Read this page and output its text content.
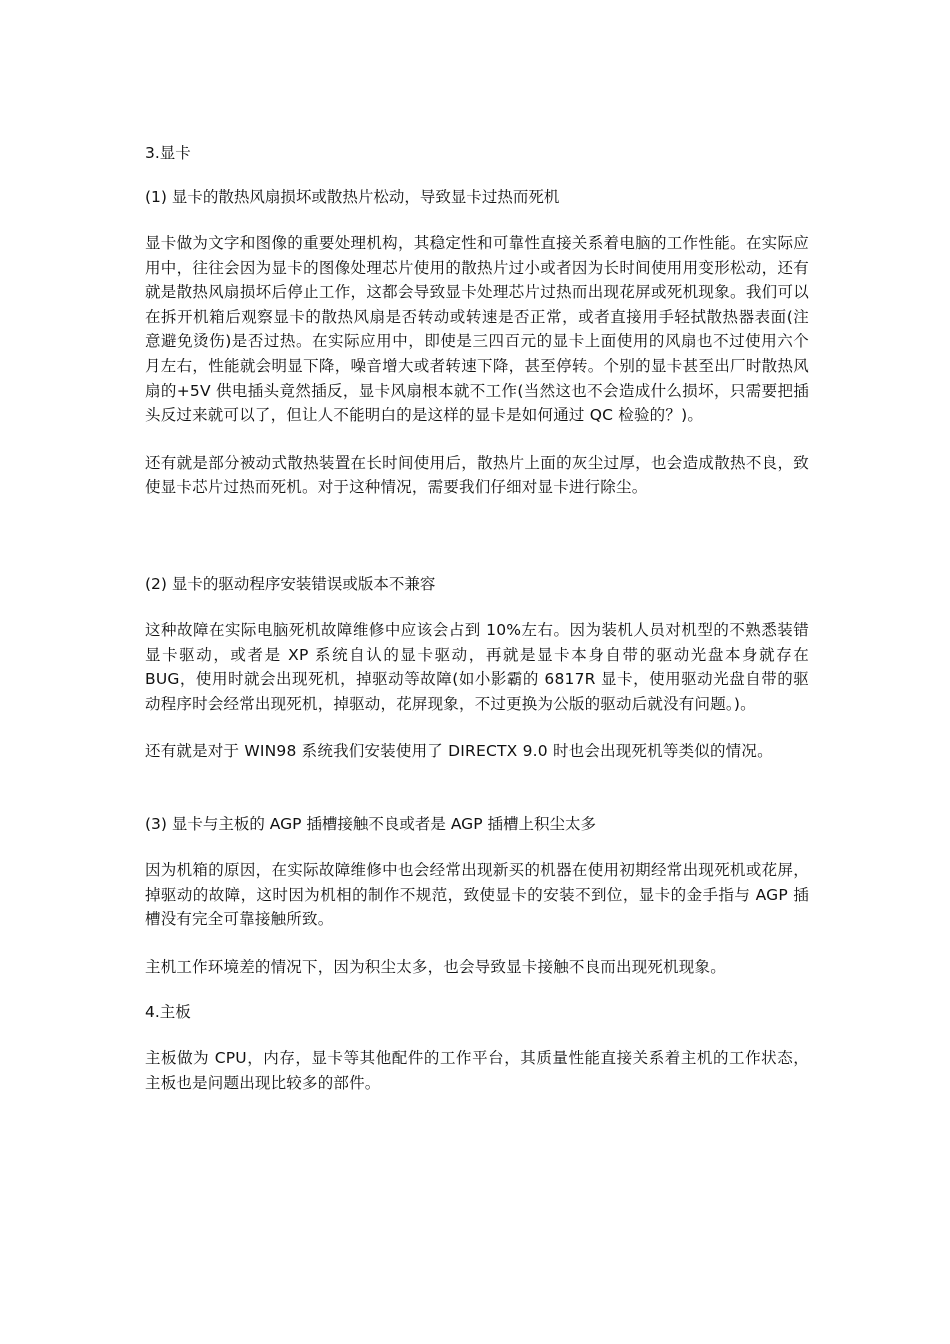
3.显卡

(1) 显卡的散热风扇损坏或散热片松动，导致显卡过热而死机

显卡做为文字和图像的重要处理机构，其稳定性和可靠性直接关系着电脑的工作性能。在实际应用中，往往会因为显卡的图像处理芯片使用的散热片过小或者因为长时间使用用变形松动，还有就是散热风扇损坏后停止工作，这都会导致显卡处理芯片过热而出现花屏或死机现象。我们可以在拆开机箱后观察显卡的散热风扇是否转动或转速是否正常，或者直接用手轻拭散热器表面(注意避免烫伤)是否过热。在实际应用中，即使是三四百元的显卡上面使用的风扇也不过使用六个月左右，性能就会明显下降，噪音增大或者转速下降，甚至停转。个别的显卡甚至出厂时散热风扇的+5V 供电插头竟然插反，显卡风扇根本就不工作(当然这也不会造成什么损坏，只需要把插头反过来就可以了，但让人不能明白的是这样的显卡是如何通过 QC 检验的？)。

还有就是部分被动式散热装置在长时间使用后，散热片上面的灰尘过厚，也会造成散热不良，致使显卡芯片过热而死机。对于这种情况，需要我们仔细对显卡进行除尘。

(2) 显卡的驱动程序安装错误或版本不兼容

这种故障在实际电脑死机故障维修中应该会占到 10%左右。因为装机人员对机型的不熟悉装错显卡驱动，或者是 XP 系统自认的显卡驱动，再就是显卡本身自带的驱动光盘本身就存在 BUG，使用时就会出现死机，掉驱动等故障(如小影霸的 6817R 显卡，使用驱动光盘自带的驱动程序时会经常出现死机，掉驱动，花屏现象，不过更换为公版的驱动后就没有问题。)。

还有就是对于 WIN98 系统我们安装使用了 DIRECTX 9.0 时也会出现死机等类似的情况。

(3) 显卡与主板的 AGP 插槽接触不良或者是 AGP 插槽上积尘太多

因为机箱的原因，在实际故障维修中也会经常出现新买的机器在使用初期经常出现死机或花屏，掉驱动的故障，这时因为机相的制作不规范，致使显卡的安装不到位，显卡的金手指与 AGP 插槽没有完全可靠接触所致。

主机工作环境差的情况下，因为积尘太多，也会导致显卡接触不良而出现死机现象。

4.主板

主板做为 CPU，内存，显卡等其他配件的工作平台，其质量性能直接关系着主机的工作状态，主板也是问题出现比较多的部件。
